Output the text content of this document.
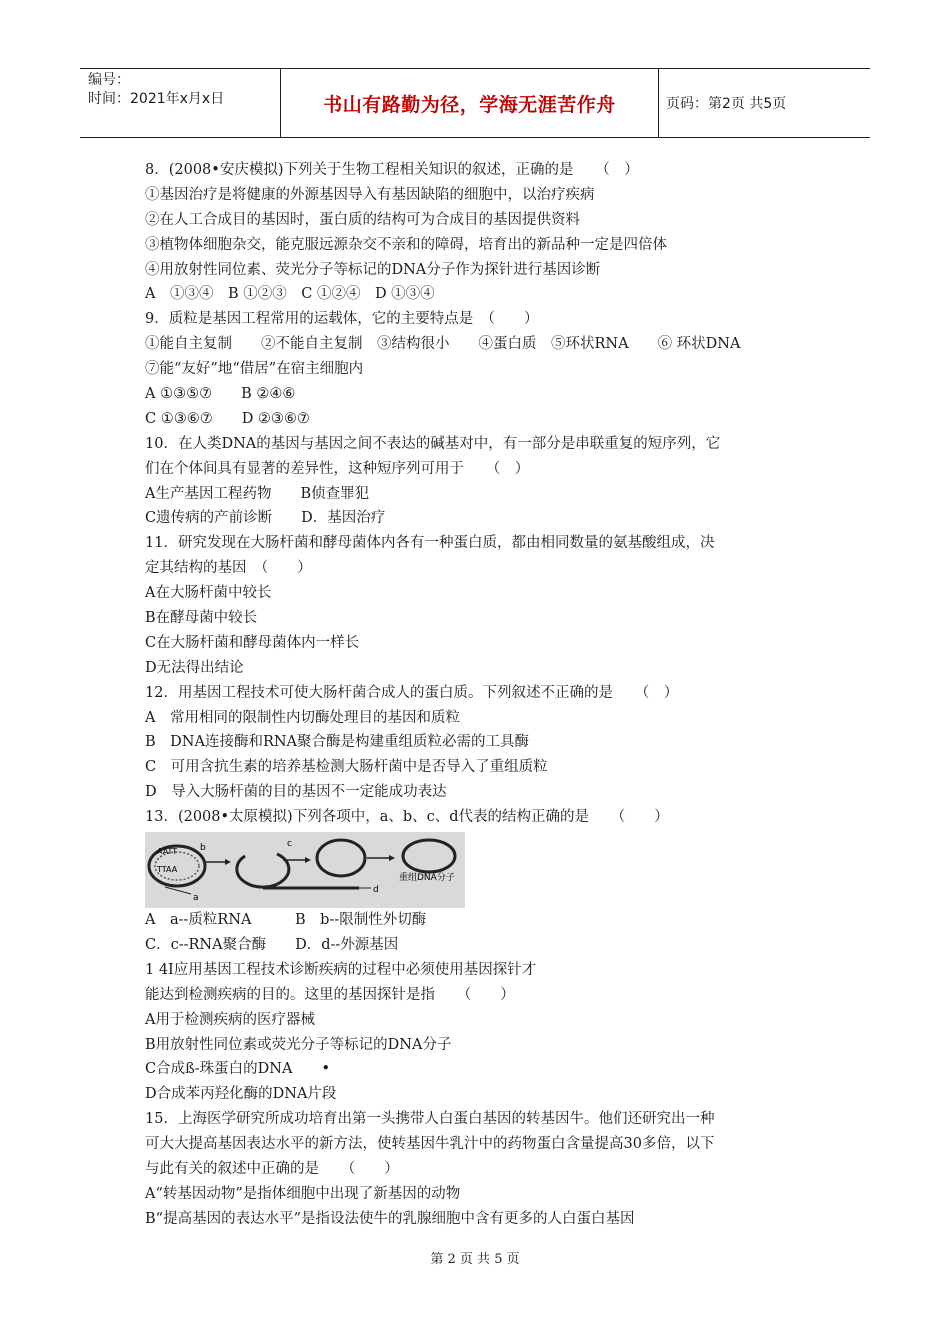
编号：
时间：2021年x月x日	书山有路勤为径，学海无涯苦作舟	页码：第2页 共5页
8．(2008•安庆模拟)下列关于生物工程相关知识的叙述，正确的是　　（　）
①基因治疗是将健康的外源基因导入有基因缺陷的细胞中，以治疗疾病
②在人工合成目的基因时，蛋白质的结构可为合成目的基因提供资料
③植物体细胞杂交，能克服远源杂交不亲和的障碍，培育出的新品种一定是四倍体
④用放射性同位素、荧光分子等标记的DNA分子作为探针进行基因诊断
A　①③④　B ①②③　C ①②④　D ①③④
9．质粒是基因工程常用的运载体，它的主要特点是　（　　）
①能自主复制　　②不能自主复制　③结构很小　　④蛋白质　⑤环状RNA　　⑥ 环状DNA
⑦能“友好”地“借居”在宿主细胞内
A ①③⑤⑦　　B ②④⑥
C ①③⑥⑦　　D ②③⑥⑦
10．在人类DNA的基因与基因之间不表达的碱基对中，有一部分是串联重复的短序列，它
们在个体间具有显著的差异性，这种短序列可用于　　（　）
A生产基因工程药物　　B侦查罪犯
C遗传病的产前诊断　　D．基因治疗
11．研究发现在大肠杆菌和酵母菌体内各有一种蛋白质，都由相同数量的氨基酸组成，决
定其结构的基因　（　　）
A在大肠杆菌中较长
B在酵母菌中较长
C在大肠杆菌和酵母菌体内一样长
D无法得出结论
12．用基因工程技术可使大肠杆菌合成人的蛋白质。下列叙述不正确的是　　（　）
A　常用相同的限制性内切酶处理目的基因和质粒
B　DNA连接酶和RNA聚合酶是构建重组质粒必需的工具酶
C　可用含抗生素的培养基检测大肠杆菌中是否导入了重组质粒
D　导入大肠杆菌的目的基因不一定能成功表达
13．(2008•太原模拟)下列各项中，a、b、c、d代表的结构正确的是　　（　　）
AATT
TTAA
b
a
c
d
重组DNA分子
A　a--质粒RNA　　　B　b--限制性外切酶
C．c--RNA聚合酶　　D．d--外源基因
1 4I应用基因工程技术诊断疾病的过程中必须使用基因探针才
能达到检测疾病的目的。这里的基因探针是指　　（　　）
A用于检测疾病的医疗器械
B用放射性同位素或荧光分子等标记的DNA分子
C合成ß-珠蛋白的DNA　　•
D合成苯丙羟化酶的DNA片段
15．上海医学研究所成功培育出第一头携带人白蛋白基因的转基因牛。他们还研究出一种
可大大提高基因表达水平的新方法，使转基因牛乳汁中的药物蛋白含量提高30多倍，以下
与此有关的叙述中正确的是　　（　　）
A“转基因动物”是指体细胞中出现了新基因的动物
B“提高基因的表达水平”是指设法使牛的乳腺细胞中含有更多的人白蛋白基因
第 2 页 共 5 页
